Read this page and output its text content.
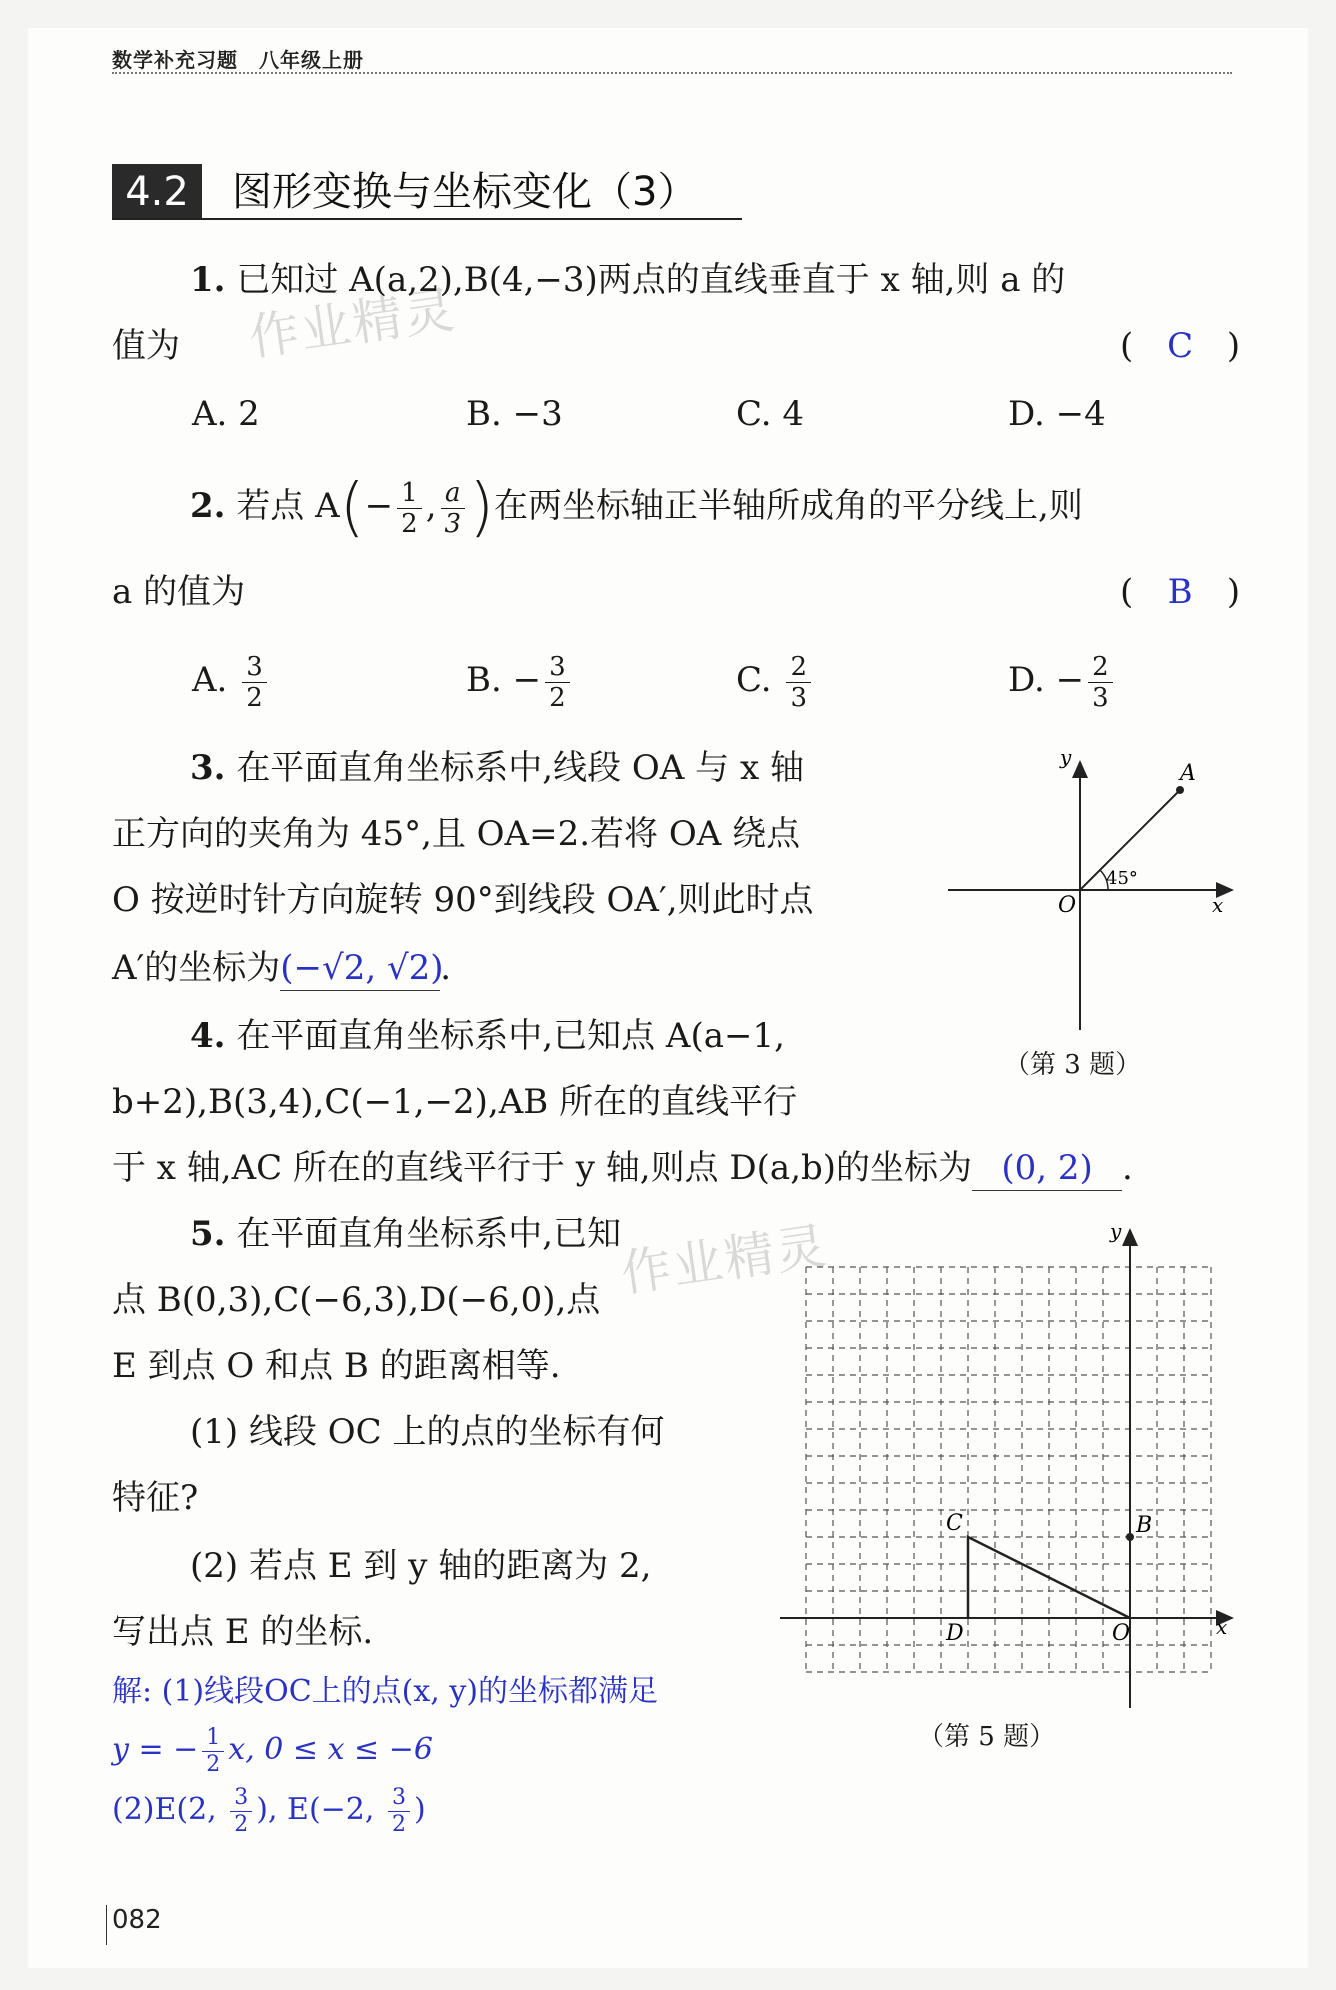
数学补充习题　八年级上册
4.2	图形变换与坐标变化（3）
作业精灵
作业精灵
1. 已知过 A(a,2),B(4,−3)两点的直线垂直于 x 轴,则 a 的
值为	( C )
A. 2	B. −3	C. 4	D. −4
2. 若点 $A(- \frac{1}{2}$ , $\frac{a}{3}$ )在两坐标轴正半轴所成角的平分线上,则
a 的值为	( B )
A. $\frac{3}{2}$	B. − $\frac{3}{2}$	C. $\frac{2}{3}$	D. − $\frac{2}{3}$
3. 在平面直角坐标系中,线段 OA 与 x 轴
正方向的夹角为 45°,且 OA=2.若将 OA 绕点
O 按逆时针方向旋转 90°到线段 OA′,则此时点
A′的坐标为(−√2, √2).
y
x
O
A
45°
（第 3 题）
4. 在平面直角坐标系中,已知点 A(a−1,
b+2),B(3,4),C(−1,−2),AB 所在的直线平行
于 x 轴,AC 所在的直线平行于 y 轴,则点 D(a,b)的坐标为 (0, 2) .
5. 在平面直角坐标系中,已知
点 B(0,3),C(−6,3),D(−6,0),点
E 到点 O 和点 B 的距离相等.
(1) 线段 OC 上的点的坐标有何
特征?
(2) 若点 E 到 y 轴的距离为 2,
写出点 E 的坐标.
解: (1)线段OC上的点(x, y)的坐标都满足
y = − $\frac{1}{2} x$, 0 ≤ x ≤ −6
(2)E(2, $\frac{3}{2}$ ), E(−2, $\frac{3}{2}$ )
y
x
O
B
C
D
（第 5 题）
082
